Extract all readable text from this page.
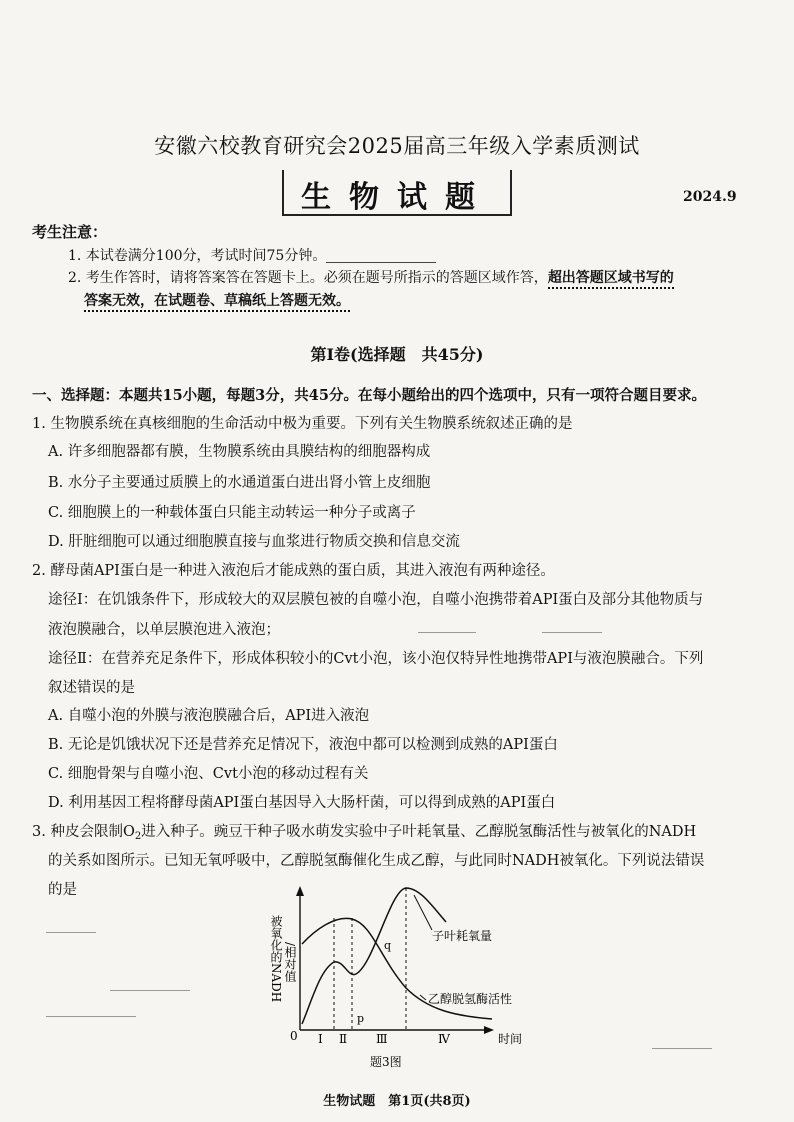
安徽六校教育研究会2025届高三年级入学素质测试
生物试题	2024.9
考生注意：
1. 本试卷满分100分，考试时间75分钟。
2. 考生作答时，请将答案答在答题卡上。必须在题号所指示的答题区域作答，超出答题区域书写的
答案无效，在试题卷、草稿纸上答题无效。
第Ⅰ卷(选择题　共45分)
一、选择题：本题共15小题，每题3分，共45分。在每小题给出的四个选项中，只有一项符合题目要求。
1. 生物膜系统在真核细胞的生命活动中极为重要。下列有关生物膜系统叙述正确的是
A. 许多细胞器都有膜，生物膜系统由具膜结构的细胞器构成
B. 水分子主要通过质膜上的水通道蛋白进出肾小管上皮细胞
C. 细胞膜上的一种载体蛋白只能主动转运一种分子或离子
D. 肝脏细胞可以通过细胞膜直接与血浆进行物质交换和信息交流
2. 酵母菌API蛋白是一种进入液泡后才能成熟的蛋白质，其进入液泡有两种途径。
途径Ⅰ：在饥饿条件下，形成较大的双层膜包被的自噬小泡，自噬小泡携带着API蛋白及部分其他物质与
液泡膜融合，以单层膜泡进入液泡；
途径Ⅱ：在营养充足条件下，形成体积较小的Cvt小泡，该小泡仅特异性地携带API与液泡膜融合。下列
叙述错误的是
A. 自噬小泡的外膜与液泡膜融合后，API进入液泡
B. 无论是饥饿状况下还是营养充足情况下，液泡中都可以检测到成熟的API蛋白
C. 细胞骨架与自噬小泡、Cvt小泡的移动过程有关
D. 利用基因工程将酵母菌API蛋白基因导入大肠杆菌，可以得到成熟的API蛋白
3. 种皮会限制$O_2$进入种子。豌豆干种子吸水萌发实验中子叶耗氧量、乙醇脱氢酶活性与被氧化的NADH
的关系如图所示。已知无氧呼吸中，乙醇脱氢酶催化生成乙醇，与此同时NADH被氧化。下列说法错误
的是
被氧化的NADH /相对值
0 Ⅰ Ⅱ Ⅲ	Ⅳ	时间
p
q
子叶耗氧量
乙醇脱氢酶活性
题3图
生物试题　第1页(共8页)
